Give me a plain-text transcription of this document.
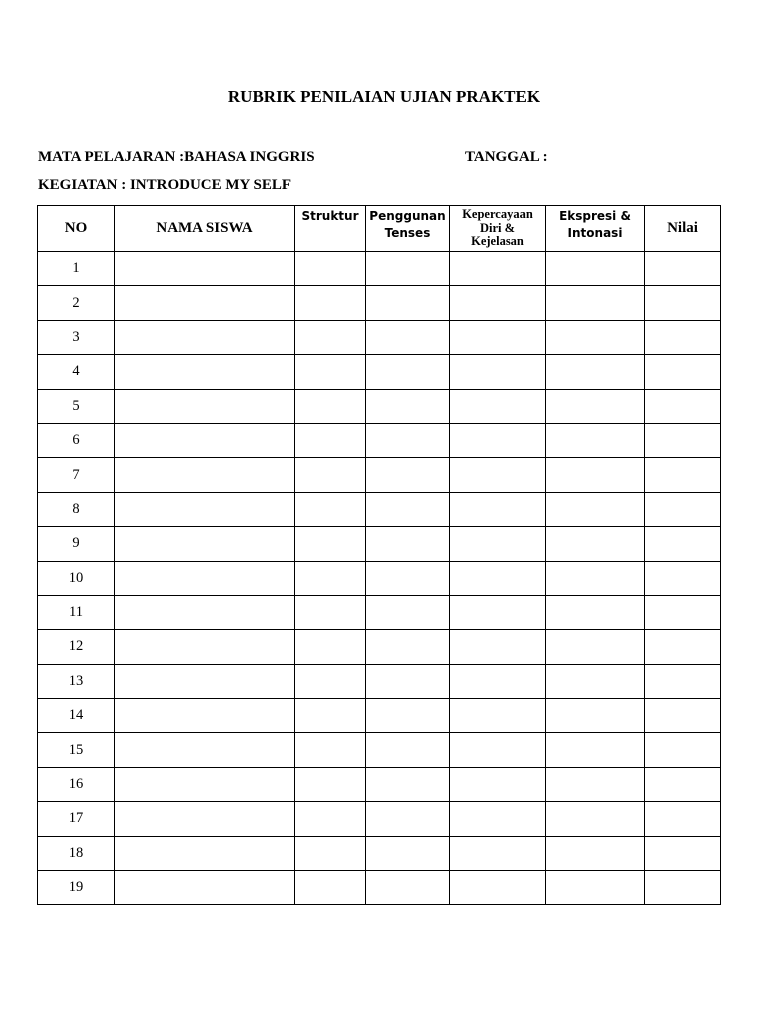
RUBRIK PENILAIAN UJIAN PRAKTEK
MATA PELAJARAN :BAHASA INGGRIS	TANGGAL :
KEGIATAN : INTRODUCE MY SELF
NO	NAMA SISWA	Struktur	Penggunan Tenses	Kepercayaan Diri & Kejelasan	Ekspresi & Intonasi	Nilai
1						
2						
3						
4						
5						
6						
7						
8						
9						
10						
11						
12						
13						
14						
15						
16						
17						
18						
19						
